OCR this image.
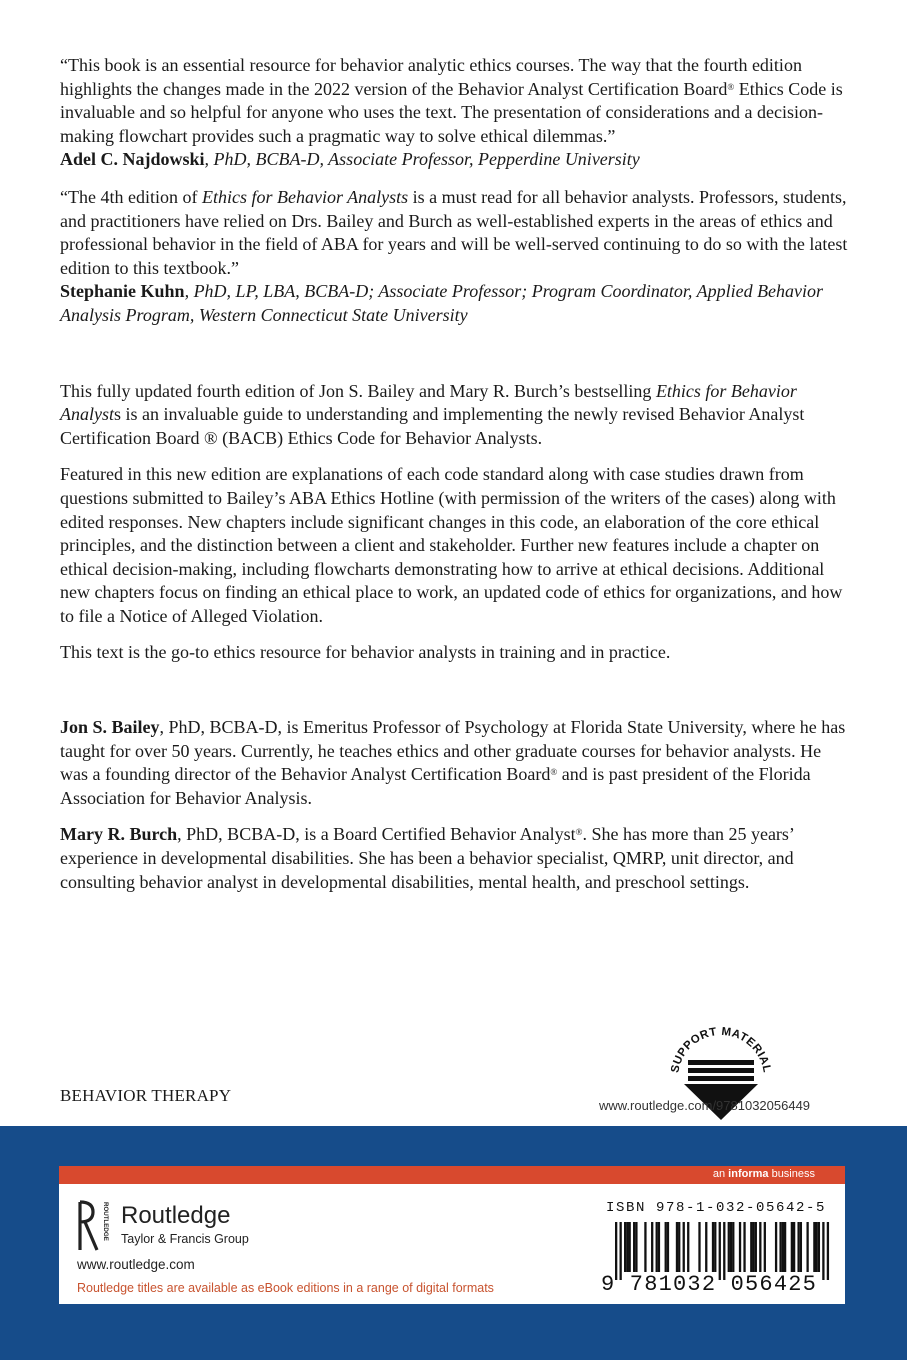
“This book is an essential resource for behavior analytic ethics courses. The way that the fourth edition highlights the changes made in the 2022 version of the Behavior Analyst Certification Board® Ethics Code is invaluable and so helpful for anyone who uses the text. The presentation of considerations and a decision-making flowchart provides such a pragmatic way to solve ethical dilemmas.”
Adel C. Najdowski, PhD, BCBA-D, Associate Professor, Pepperdine University

“The 4th edition of Ethics for Behavior Analysts is a must read for all behavior analysts. Professors, students, and practitioners have relied on Drs. Bailey and Burch as well-established experts in the areas of ethics and professional behavior in the field of ABA for years and will be well-served continuing to do so with the latest edition to this textbook.”
Stephanie Kuhn, PhD, LP, LBA, BCBA-D; Associate Professor; Program Coordinator, Applied Behavior Analysis Program, Western Connecticut State University

This fully updated fourth edition of Jon S. Bailey and Mary R. Burch’s bestselling Ethics for Behavior Analysts is an invaluable guide to understanding and implementing the newly revised Behavior Analyst Certification Board ® (BACB) Ethics Code for Behavior Analysts.

Featured in this new edition are explanations of each code standard along with case studies drawn from questions submitted to Bailey’s ABA Ethics Hotline (with permission of the writers of the cases) along with edited responses. New chapters include significant changes in this code, an elaboration of the core ethical principles, and the distinction between a client and stakeholder. Further new features include a chapter on ethical decision-making, including flowcharts demonstrating how to arrive at ethical decisions. Additional new chapters focus on finding an ethical place to work, an updated code of ethics for organizations, and how to file a Notice of Alleged Violation.

This text is the go-to ethics resource for behavior analysts in training and in practice.

Jon S. Bailey, PhD, BCBA-D, is Emeritus Professor of Psychology at Florida State University, where he has taught for over 50 years. Currently, he teaches ethics and other graduate courses for behavior analysts. He was a founding director of the Behavior Analyst Certification Board® and is past president of the Florida Association for Behavior Analysis.

Mary R. Burch, PhD, BCBA-D, is a Board Certified Behavior Analyst®. She has more than 25 years’ experience in developmental disabilities. She has been a behavior specialist, QMRP, unit director, and consulting behavior analyst in developmental disabilities, mental health, and preschool settings.

BEHAVIOR THERAPY
SUPPORT MATERIAL
www.routledge.com/9781032056449
an informa business
ROUTLEDGE Routledge
Taylor & Francis Group
www.routledge.com
Routledge titles are available as eBook editions in a range of digital formats
ISBN 978-1-032-05642-5
9 781032 056425
